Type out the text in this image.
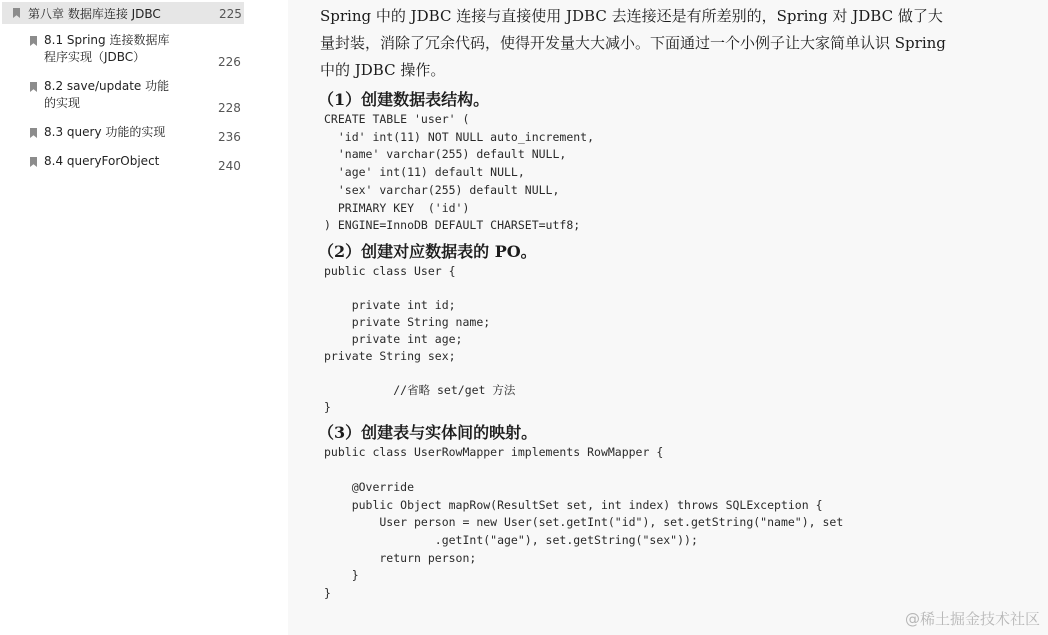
第八章 数据库连接 JDBC	225
8.1 Spring 连接数据库程序实现（JDBC）	226
8.2 save/update 功能的实现	228
8.3 query 功能的实现	236
8.4 queryForObject	240
Spring 中的 JDBC 连接与直接使用 JDBC 去连接还是有所差别的，Spring 对 JDBC 做了大
量封装，消除了冗余代码，使得开发量大大减小。下面通过一个小例子让大家简单认识 Spring
中的 JDBC 操作。
（1）创建数据表结构。
CREATE TABLE 'user' (
'id' int(11) NOT NULL auto_increment,
'name' varchar(255) default NULL,
'age' int(11) default NULL,
'sex' varchar(255) default NULL,
PRIMARY KEY  ('id')
) ENGINE=InnoDB DEFAULT CHARSET=utf8;
（2）创建对应数据表的 PO。
public class User {

private int id;
private String name;
private int age;
private String sex;

//省略 set/get 方法
}
（3）创建表与实体间的映射。
public class UserRowMapper implements RowMapper {

@Override
public Object mapRow(ResultSet set, int index) throws SQLException {
User person = new User(set.getInt("id"), set.getString("name"), set
.getInt("age"), set.getString("sex"));
return person;
}
}
@稀土掘金技术社区
